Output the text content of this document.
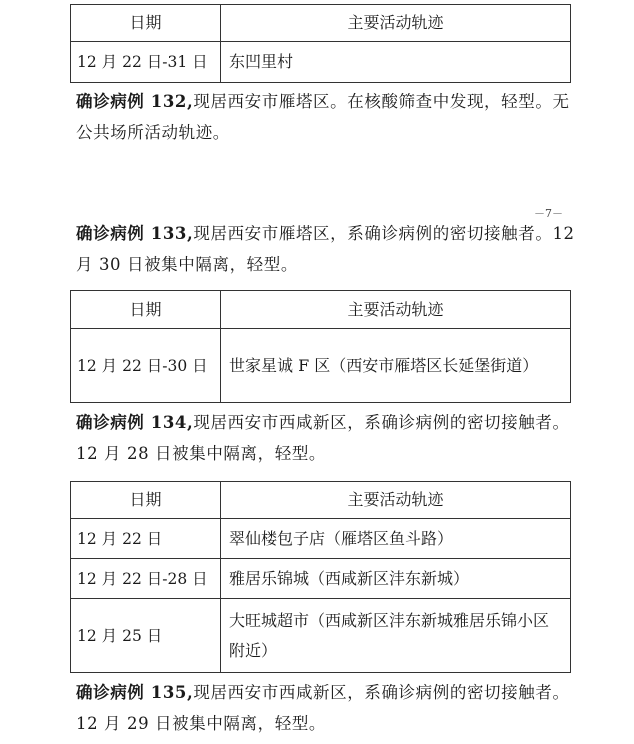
日期	主要活动轨迹
12 月 22 日-31 日	东凹里村
确诊病例 132,现居西安市雁塔区。在核酸筛查中发现，轻型。无公共场所活动轨迹。
－7－
确诊病例 133,现居西安市雁塔区，系确诊病例的密切接触者。12 月 30 日被集中隔离，轻型。
日期	主要活动轨迹
12 月 22 日-30 日	世家星诚 F 区（西安市雁塔区长延堡街道）
确诊病例 134,现居西安市西咸新区，系确诊病例的密切接触者。12 月 28 日被集中隔离，轻型。
日期	主要活动轨迹
12 月 22 日	翠仙楼包子店（雁塔区鱼斗路）
12 月 22 日-28 日	雅居乐锦城（西咸新区沣东新城）
12 月 25 日	大旺城超市（西咸新区沣东新城雅居乐锦小区附近）
确诊病例 135,现居西安市西咸新区，系确诊病例的密切接触者。12 月 29 日被集中隔离，轻型。
